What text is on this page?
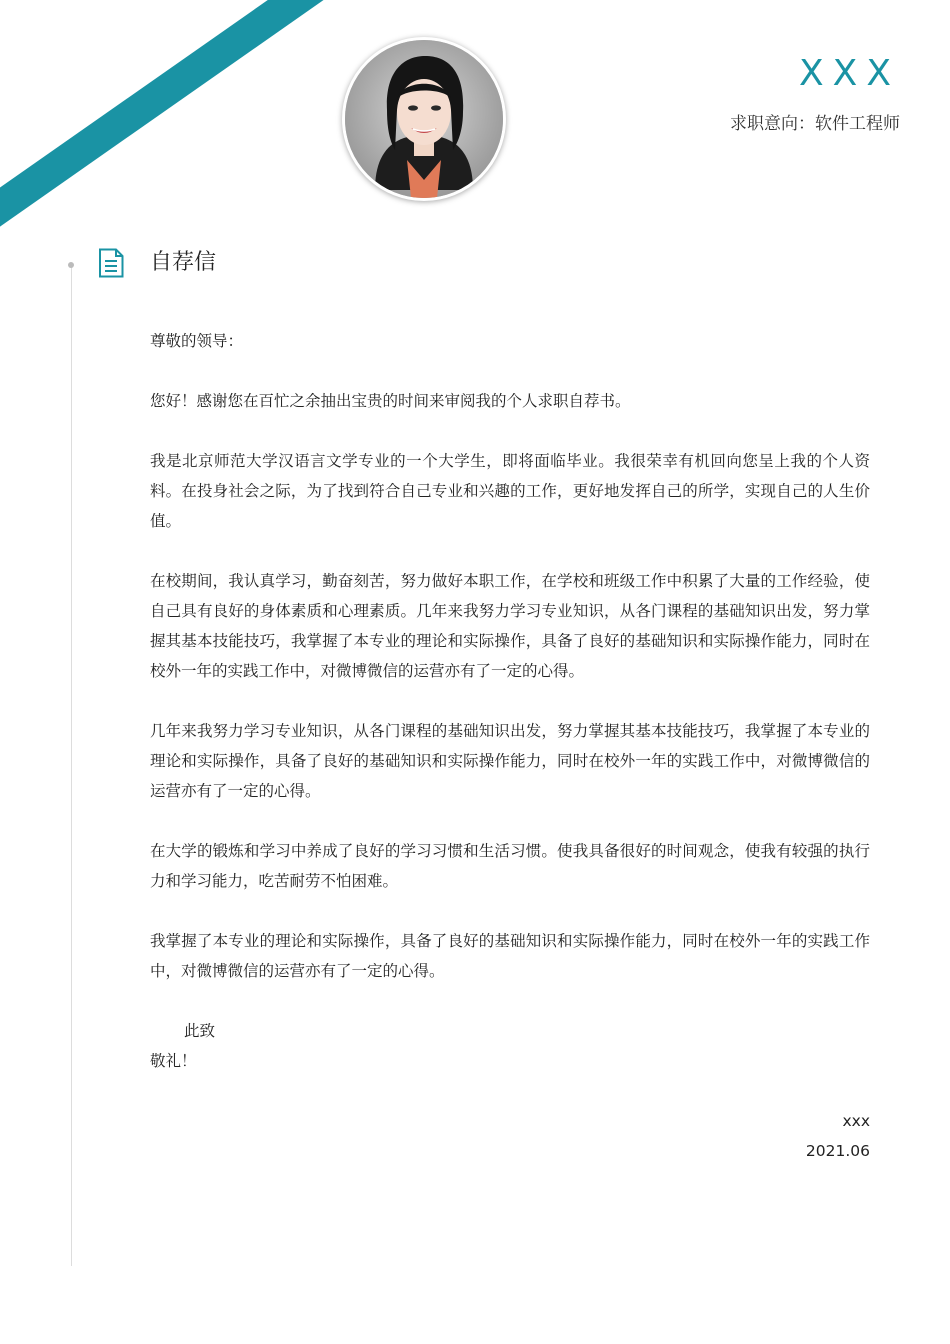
XXX
求职意向：软件工程师
自荐信

尊敬的领导：

您好！感谢您在百忙之余抽出宝贵的时间来审阅我的个人求职自荐书。

我是北京师范大学汉语言文学专业的一个大学生，即将面临毕业。我很荣幸有机回向您呈上我的个人资料。在投身社会之际，为了找到符合自己专业和兴趣的工作，更好地发挥自己的所学，实现自己的人生价值。

在校期间，我认真学习，勤奋刻苦，努力做好本职工作，在学校和班级工作中积累了大量的工作经验，使自己具有良好的身体素质和心理素质。几年来我努力学习专业知识，从各门课程的基础知识出发，努力掌握其基本技能技巧，我掌握了本专业的理论和实际操作，具备了良好的基础知识和实际操作能力，同时在校外一年的实践工作中，对微博微信的运营亦有了一定的心得。

几年来我努力学习专业知识，从各门课程的基础知识出发，努力掌握其基本技能技巧，我掌握了本专业的理论和实际操作，具备了良好的基础知识和实际操作能力，同时在校外一年的实践工作中，对微博微信的运营亦有了一定的心得。

在大学的锻炼和学习中养成了良好的学习习惯和生活习惯。使我具备很好的时间观念，使我有较强的执行力和学习能力，吃苦耐劳不怕困难。

我掌握了本专业的理论和实际操作，具备了良好的基础知识和实际操作能力，同时在校外一年的实践工作中，对微博微信的运营亦有了一定的心得。

此致

敬礼！

xxx

2021.06
